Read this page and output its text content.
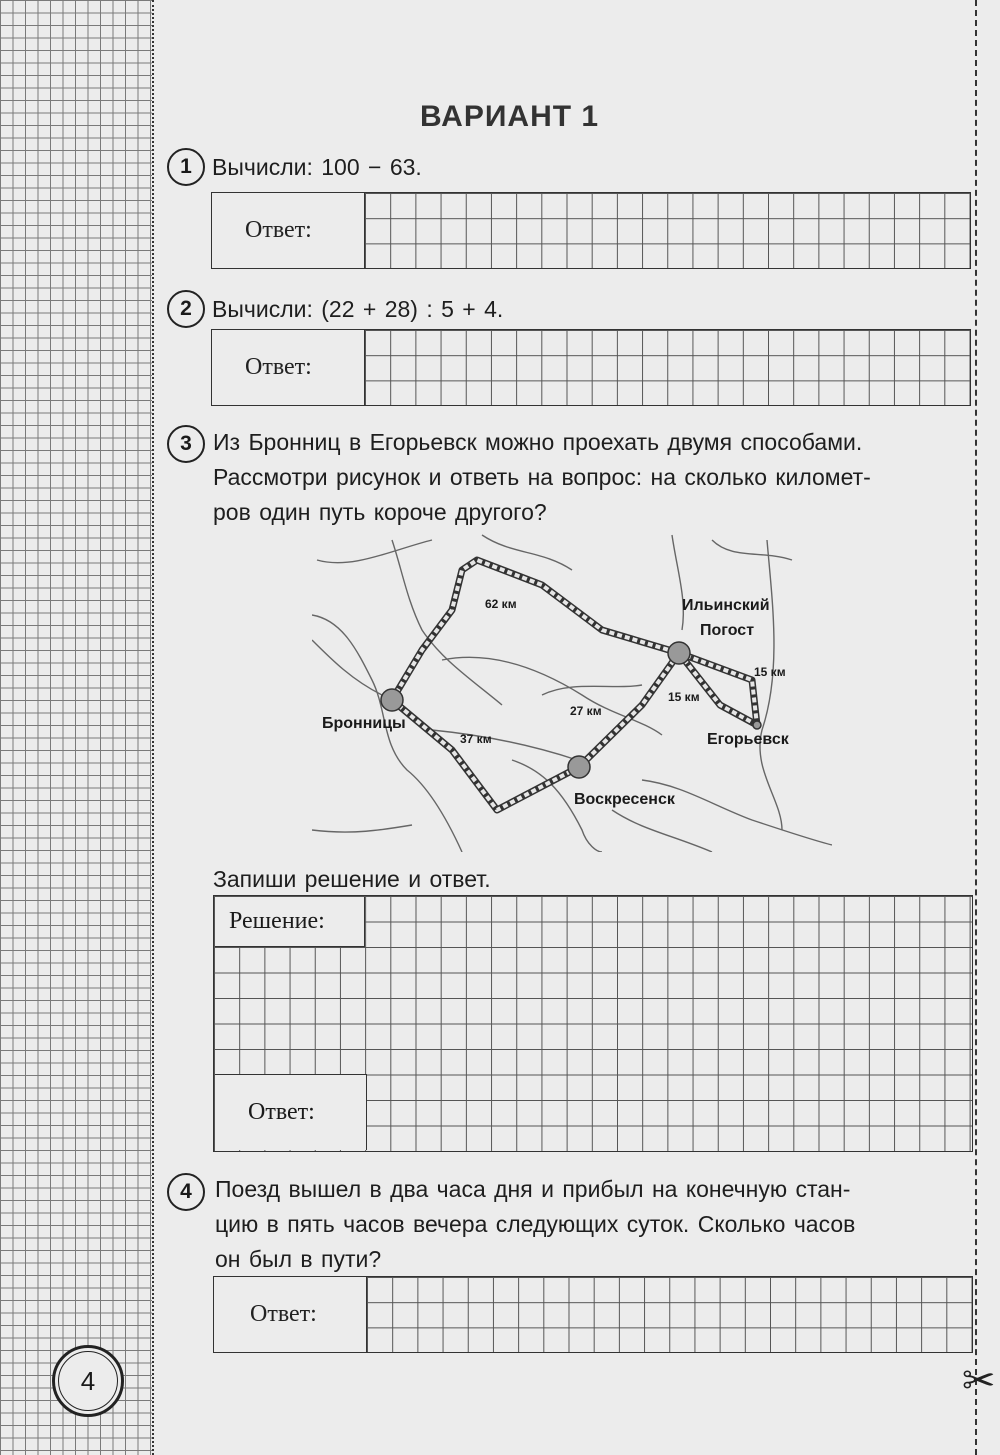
4
ВАРИАНТ 1
1 Вычисли: 100 − 63.
Ответ:
2 Вычисли: (22 + 28) : 5 + 4.
Ответ:
3 Из Бронниц в Егорьевск можно проехать двумя способами.
Рассмотри рисунок и ответь на вопрос: на сколько километ-
ров один путь короче другого?
Бронницы
Ильинский
Погост
Егорьевск
Воскресенск
62 км
15 км
15 км
27 км
37 км
Запиши решение и ответ.
Решение:
Ответ:
4	Поезд вышел в два часа дня и прибыл на конечную стан-
цию в пять часов вечера следующих суток. Сколько часов
он был в пути?
Ответ:
✂
